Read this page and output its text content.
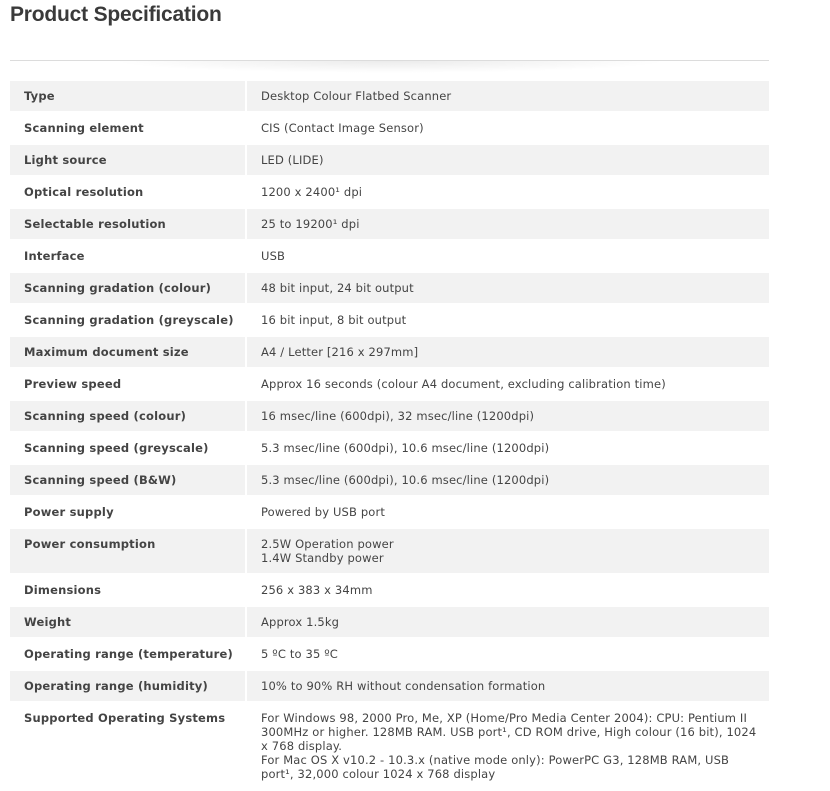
Product Specification
Type	Desktop Colour Flatbed Scanner

Scanning element	CIS (Contact Image Sensor)

Light source	LED (LIDE)

Optical resolution	1200 x 2400¹ dpi

Selectable resolution	25 to 19200¹ dpi

Interface	USB

Scanning gradation (colour)	48 bit input, 24 bit output

Scanning gradation (greyscale)	16 bit input, 8 bit output

Maximum document size	A4 / Letter [216 x 297mm]

Preview speed	Approx 16 seconds (colour A4 document, excluding calibration time)

Scanning speed (colour)	16 msec/line (600dpi), 32 msec/line (1200dpi)

Scanning speed (greyscale)	5.3 msec/line (600dpi), 10.6 msec/line (1200dpi)

Scanning speed (B&W)	5.3 msec/line (600dpi), 10.6 msec/line (1200dpi)

Power supply	Powered by USB port

Power consumption	2.5W Operation power
1.4W Standby power

Dimensions	256 x 383 x 34mm

Weight	Approx 1.5kg

Operating range (temperature)	5 ºC to 35 ºC

Operating range (humidity)	10% to 90% RH without condensation formation

Supported Operating Systems	For Windows 98, 2000 Pro, Me, XP (Home/Pro Media Center 2004): CPU: Pentium II 300MHz or higher. 128MB RAM. USB port¹, CD ROM drive, High colour (16 bit), 1024 x 768 display.
For Mac OS X v10.2 - 10.3.x (native mode only): PowerPC G3, 128MB RAM, USB port¹, 32,000 colour 1024 x 768 display
